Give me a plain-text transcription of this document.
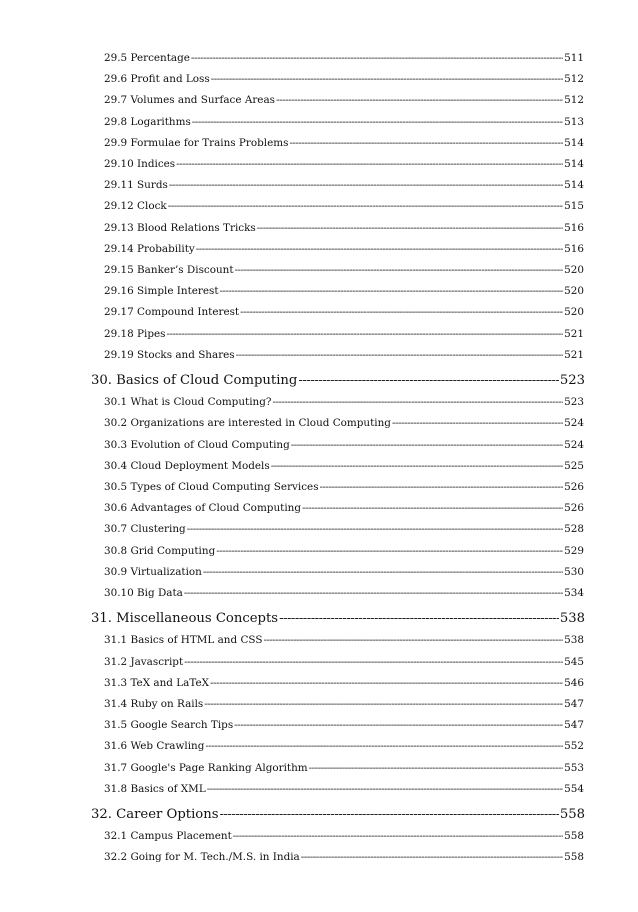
29.5 Percentage -----	511
29.6 Profit and Loss -----	512
29.7 Volumes and Surface Areas -----	512
29.8 Logarithms -----	513
29.9 Formulae for Trains Problems -----	514
29.10 Indices -----	514
29.11 Surds -----	514
29.12 Clock -----	515
29.13 Blood Relations Tricks -----	516
29.14 Probability -----	516
29.15 Banker’s Discount -----	520
29.16 Simple Interest -----	520
29.17 Compound Interest -----	520
29.18 Pipes -----	521
29.19 Stocks and Shares -----	521
30. Basics of Cloud Computing -----	523
30.1 What is Cloud Computing? -----	523
30.2 Organizations are interested in Cloud Computing -----	524
30.3 Evolution of Cloud Computing -----	524
30.4 Cloud Deployment Models -----	525
30.5 Types of Cloud Computing Services -----	526
30.6 Advantages of Cloud Computing -----	526
30.7 Clustering -----	528
30.8 Grid Computing -----	529
30.9 Virtualization -----	530
30.10 Big Data -----	534
31. Miscellaneous Concepts -----	538
31.1 Basics of HTML and CSS -----	538
31.2 Javascript -----	545
31.3 TeX and LaTeX -----	546
31.4 Ruby on Rails -----	547
31.5 Google Search Tips -----	547
31.6 Web Crawling -----	552
31.7 Google's Page Ranking Algorithm -----	553
31.8 Basics of XML -----	554
32. Career Options -----	558
32.1 Campus Placement -----	558
32.2 Going for M. Tech./M.S. in India -----	558
